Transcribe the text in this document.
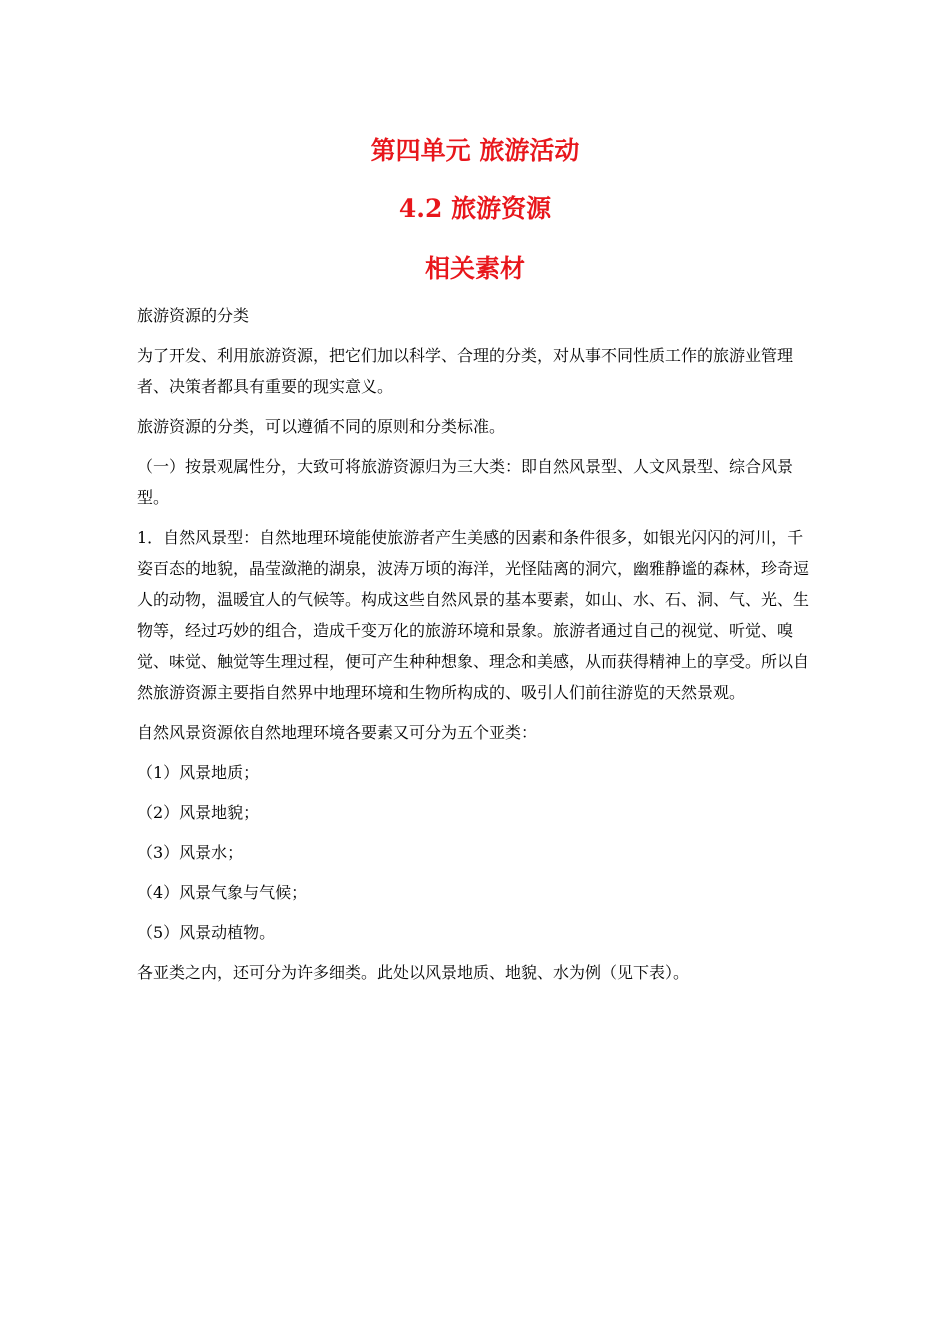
第四单元 旅游活动
4.2 旅游资源
相关素材

旅游资源的分类

为了开发、利用旅游资源，把它们加以科学、合理的分类，对从事不同性质工作的旅游业管理者、决策者都具有重要的现实意义。

旅游资源的分类，可以遵循不同的原则和分类标准。

（一）按景观属性分，大致可将旅游资源归为三大类：即自然风景型、人文风景型、综合风景型。

1．自然风景型：自然地理环境能使旅游者产生美感的因素和条件很多，如银光闪闪的河川，千姿百态的地貌，晶莹潋滟的湖泉，波涛万顷的海洋，光怪陆离的洞穴，幽雅静谧的森林，珍奇逗人的动物，温暖宜人的气候等。构成这些自然风景的基本要素，如山、水、石、洞、气、光、生物等，经过巧妙的组合，造成千变万化的旅游环境和景象。旅游者通过自己的视觉、听觉、嗅觉、味觉、触觉等生理过程，便可产生种种想象、理念和美感，从而获得精神上的享受。所以自然旅游资源主要指自然界中地理环境和生物所构成的、吸引人们前往游览的天然景观。

自然风景资源依自然地理环境各要素又可分为五个亚类：

（1）风景地质；

（2）风景地貌；

（3）风景水；

（4）风景气象与气候；

（5）风景动植物。

各亚类之内，还可分为许多细类。此处以风景地质、地貌、水为例（见下表）。
